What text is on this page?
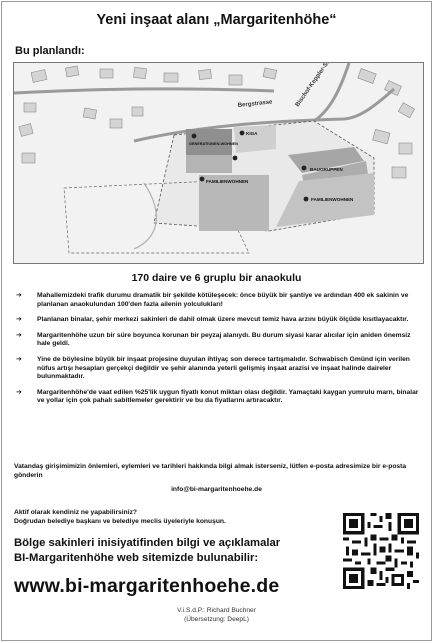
Yeni inşaat alanı „Margaritenhöhe“
Bu planlandı:
Bergstrasse
GENERATIONEN-WOHNEN
KIGA
BAUGRUPPEN
FAMILIENWOHNEN
FAMILIENWOHNEN
170 daire ve 6 gruplu bir anaokulu
➔ Mahallemizdeki trafik durumu dramatik bir şekilde kötüleşecek: önce büyük bir şantiye ve ardından 400 ek sakinin ve planlanan anaokulundan 100'den fazla ailenin yolculukları!
➔ Planlanan binalar, şehir merkezi sakinleri de dahil olmak üzere mevcut temiz hava arzını büyük ölçüde kısıtlayacaktır.
➔ Margaritenhöhe uzun bir süre boyunca korunan bir peyzaj alanıydı. Bu durum siyasi karar alıcılar için aniden önemsiz hale geldi.
➔ Yine de böylesine büyük bir inşaat projesine duyulan ihtiyaç son derece tartışmalıdır. Schwabisch Gmünd için verilen nüfus artışı hesapları gerçekçi değildir ve şehir alanında yeterli gelişmiş inşaat arazisi ve inşaat halinde daireler bulunmaktadır.
➔ Margaritenhöhe'de vaat edilen %25'lik uygun fiyatlı konut miktarı olası değildir. Yamaçtaki kaygan yumrulu marn, binalar ve yollar için çok pahalı sabitlemeler gerektirir ve bu da fiyatlarını artıracaktır.
Vatandaş girişimimizin önlemleri, eylemleri ve tarihleri hakkında bilgi almak isterseniz, lütfen e-posta adresimize bir e-posta gönderin
info@bi-margaritenhoehe.de
Aktif olarak kendiniz ne yapabilirsiniz?
Doğrudan belediye başkanı ve belediye meclis üyeleriyle konuşun.
Bölge sakinleri inisiyatifinden bilgi ve açıklamalar
BI-Margaritenhöhe web sitemizde bulunabilir:
www.bi-margaritenhoehe.de
V.i.S.d.P.: Richard Buchner
(Übersetzung: DeepL)
